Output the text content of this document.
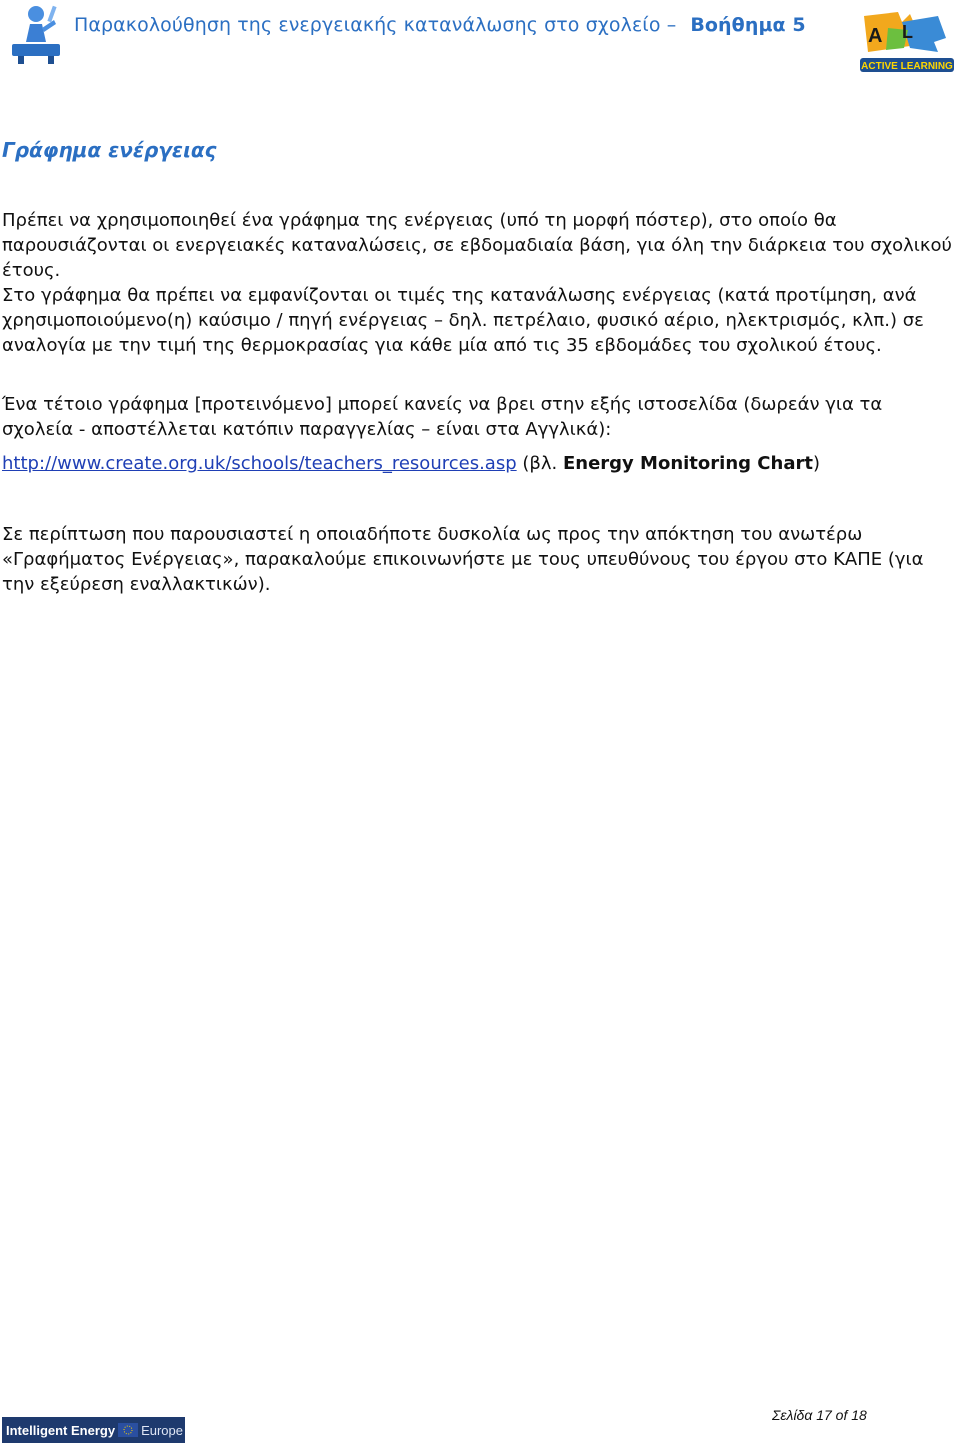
Παρακολούθηση της ενεργειακής κατανάλωσης στο σχολείο – Βοήθημα 5	A L
ACTIVE LEARNING
Γράφημα ενέργειας

Πρέπει να χρησιμοποιηθεί ένα γράφημα της ενέργειας (υπό τη μορφή πόστερ), στο οποίο θα παρουσιάζονται οι ενεργειακές καταναλώσεις, σε εβδομαδιαία βάση, για όλη την διάρκεια του σχολικού έτους.

Στο γράφημα θα πρέπει να εμφανίζονται οι τιμές της κατανάλωσης ενέργειας (κατά προτίμηση, ανά χρησιμοποιούμενο(η) καύσιμο / πηγή ενέργειας – δηλ. πετρέλαιο, φυσικό αέριο, ηλεκτρισμός, κλπ.) σε αναλογία με την τιμή της θερμοκρασίας για κάθε μία από τις 35 εβδομάδες του σχολικού έτους.

Ένα τέτοιο γράφημα [προτεινόμενο] μπορεί κανείς να βρει στην εξής ιστοσελίδα (δωρεάν για τα σχολεία - αποστέλλεται κατόπιν παραγγελίας – είναι στα Αγγλικά):

http://www.create.org.uk/schools/teachers_resources.asp (βλ. Energy Monitoring Chart)

Σε περίπτωση που παρουσιαστεί η οποιαδήποτε δυσκολία ως προς την απόκτηση του ανωτέρω «Γραφήματος Ενέργειας», παρακαλούμε επικοινωνήστε με τους υπευθύνους του έργου στο ΚΑΠΕ (για την εξεύρεση εναλλακτικών).

Intelligent Energy Europe
Σελίδα 17 of 18
